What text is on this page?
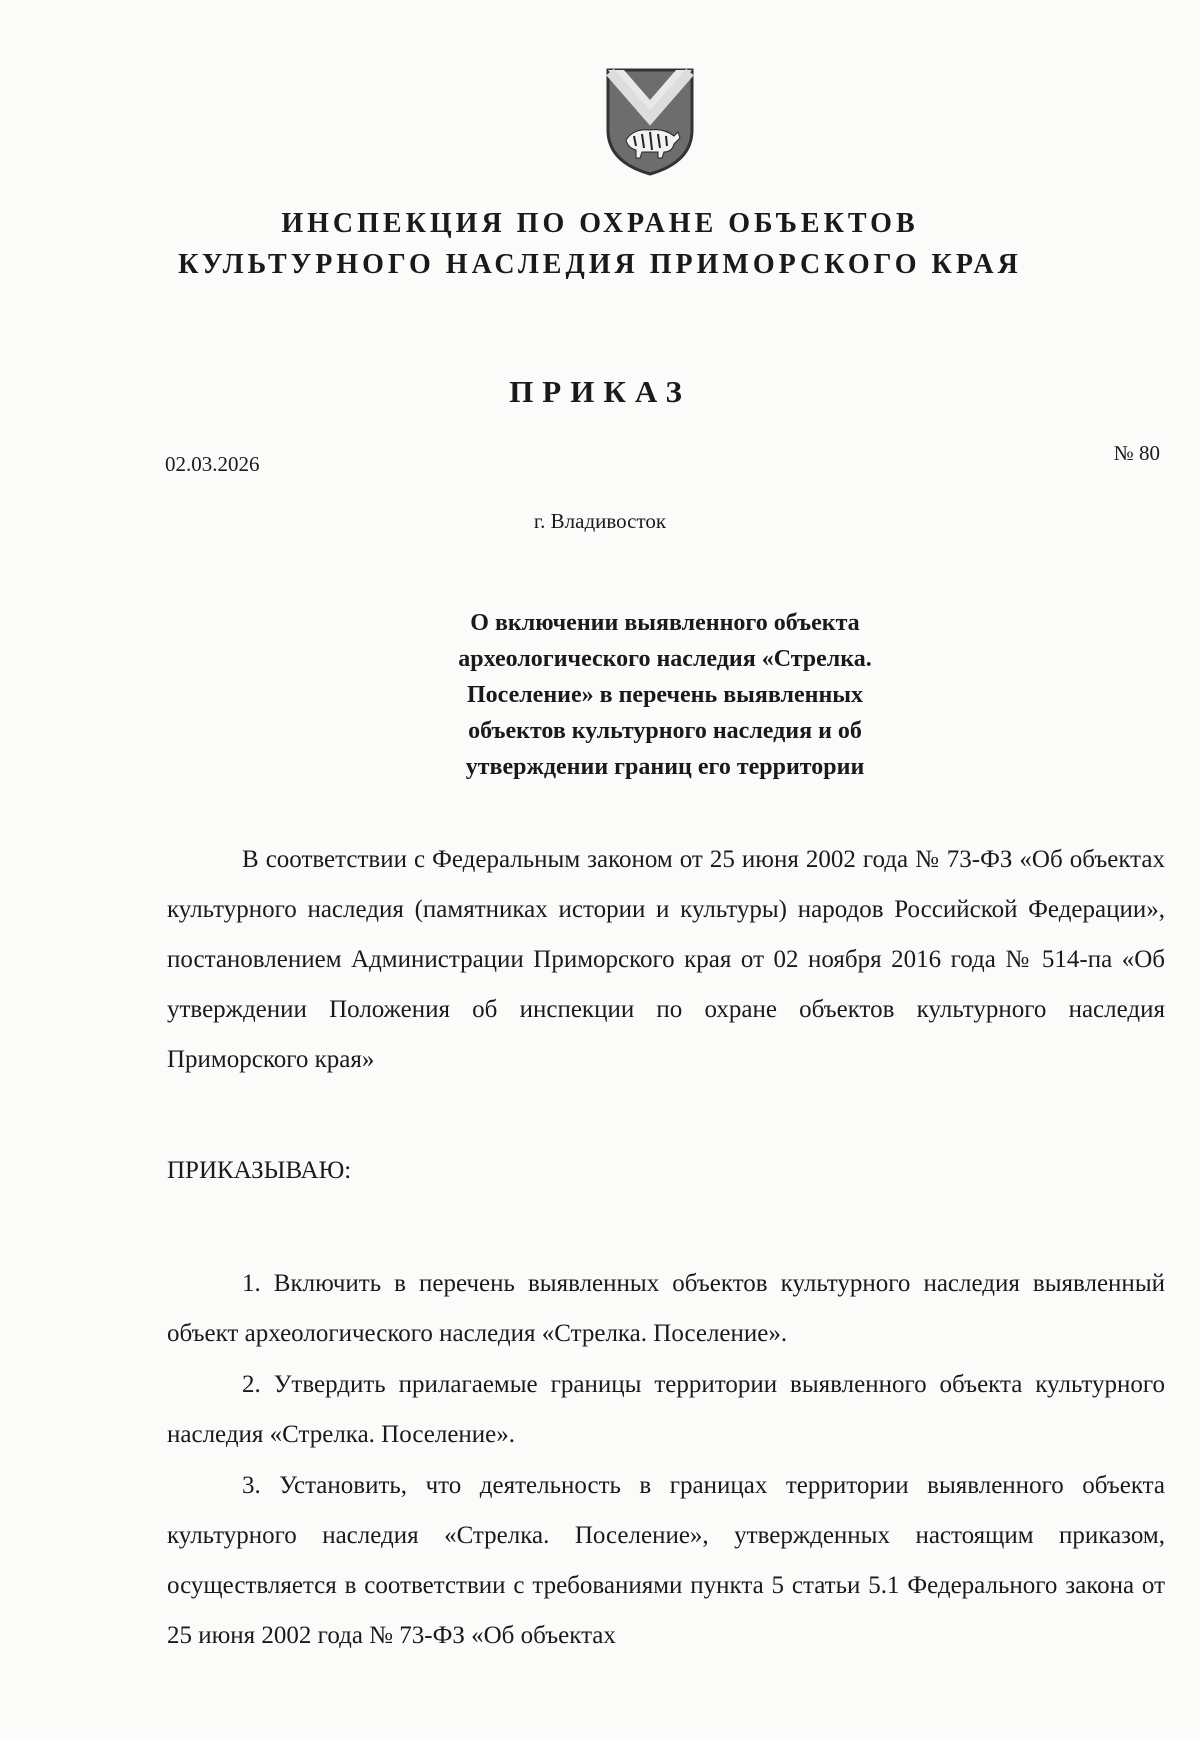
ИНСПЕКЦИЯ ПО ОХРАНЕ ОБЪЕКТОВ
КУЛЬТУРНОГО НАСЛЕДИЯ ПРИМОРСКОГО КРАЯ
ПРИКАЗ
02.03.2026	№ 80
г. Владивосток
О включении выявленного объекта
археологического наследия «Стрелка.
Поселение» в перечень выявленных
объектов культурного наследия и об
утверждении границ его территории
В соответствии с Федеральным законом от 25 июня 2002 года № 73-ФЗ «Об объектах культурного наследия (памятниках истории и культуры) народов Российской Федерации», постановлением Администрации Приморского края от 02 ноября 2016 года № 514-па «Об утверждении Положения об инспекции по охране объектов культурного наследия Приморского края»
ПРИКАЗЫВАЮ:
1. Включить в перечень выявленных объектов культурного наследия выявленный объект археологического наследия «Стрелка. Поселение».
2. Утвердить прилагаемые границы территории выявленного объекта культурного наследия «Стрелка. Поселение».
3. Установить, что деятельность в границах территории выявленного объекта культурного наследия «Стрелка. Поселение», утвержденных настоящим приказом, осуществляется в соответствии с требованиями пункта 5 статьи 5.1 Федерального закона от 25 июня 2002 года № 73-ФЗ «Об объектах
